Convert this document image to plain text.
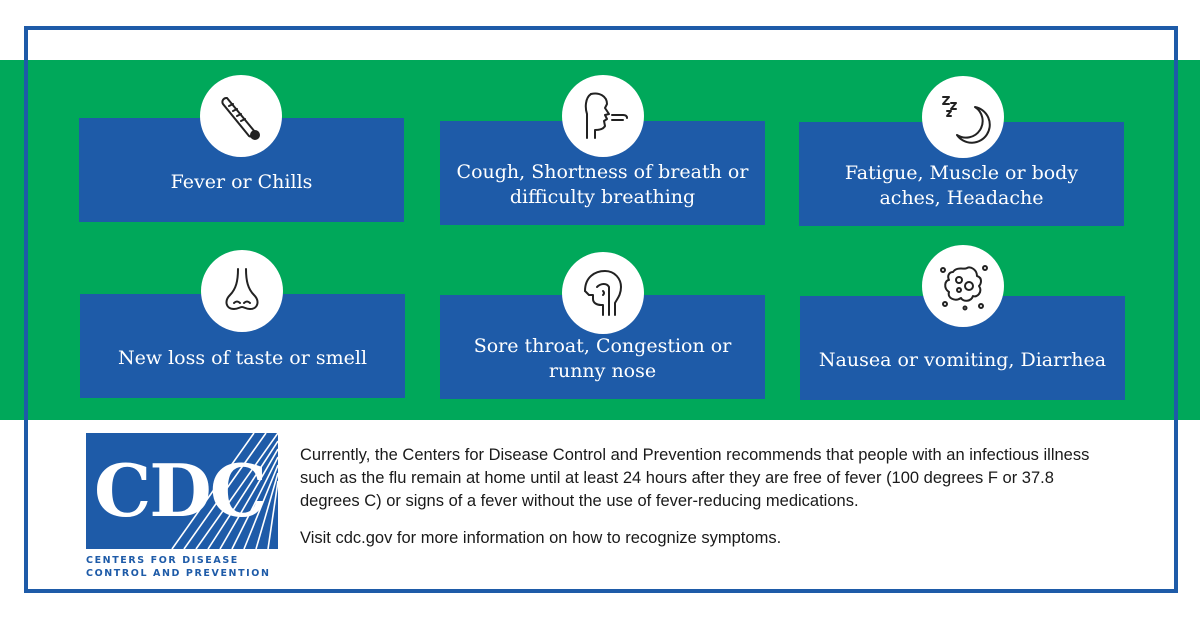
Fever or Chills	Cough, Shortness of breath or difficulty breathing
Fatigue, Muscle or body aches, Headache
New loss of taste or smell
Sore throat, Congestion or runny nose
Nausea or vomiting, Diarrhea
CDC
CENTERS FOR DISEASE
CONTROL AND PREVENTION

Currently, the Centers for Disease Control and Prevention recommends that people with an infectious illness such as the flu remain at home until at least 24 hours after they are free of fever (100 degrees F or 37.8 degrees C) or signs of a fever without the use of fever-reducing medications.

Visit cdc.gov for more information on how to recognize symptoms.
